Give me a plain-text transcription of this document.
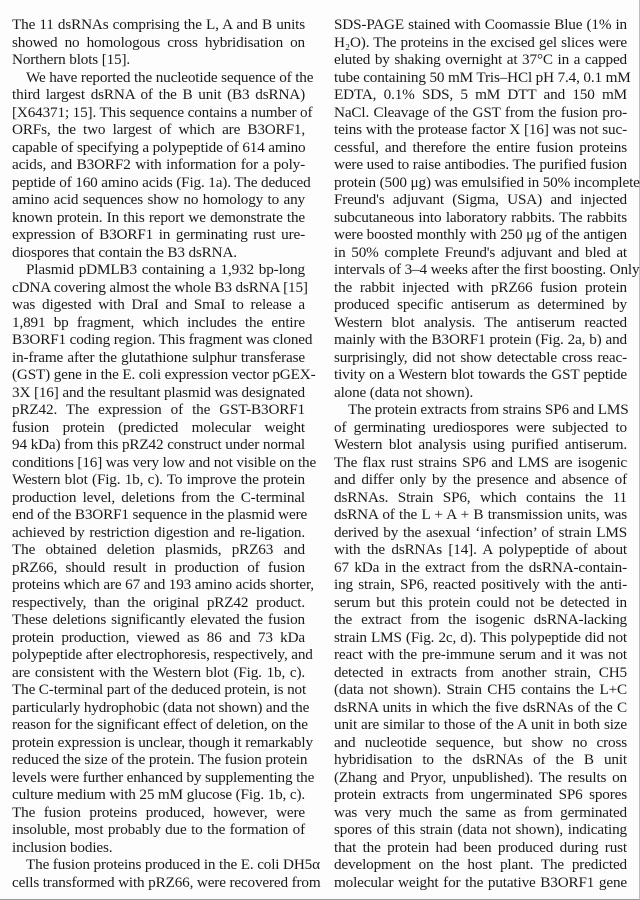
The 11 dsRNAs comprising the L, A and B units
showed no homologous cross hybridisation on
Northern blots [15].
We have reported the nucleotide sequence of the
third largest dsRNA of the B unit (B3 dsRNA)
[X64371; 15]. This sequence contains a number of
ORFs, the two largest of which are B3ORF1,
capable of specifying a polypeptide of 614 amino
acids, and B3ORF2 with information for a poly-
peptide of 160 amino acids (Fig. 1a). The deduced
amino acid sequences show no homology to any
known protein. In this report we demonstrate the
expression of B3ORF1 in germinating rust ure-
diospores that contain the B3 dsRNA.
Plasmid pDMLB3 containing a 1,932 bp-long
cDNA covering almost the whole B3 dsRNA [15]
was digested with DraI and SmaI to release a
1,891 bp fragment, which includes the entire
B3ORF1 coding region. This fragment was cloned
in-frame after the glutathione sulphur transferase
(GST) gene in the E. coli expression vector pGEX-
3X [16] and the resultant plasmid was designated
pRZ42. The expression of the GST-B3ORF1
fusion protein (predicted molecular weight
94 kDa) from this pRZ42 construct under normal
conditions [16] was very low and not visible on the
Western blot (Fig. 1b, c). To improve the protein
production level, deletions from the C-terminal
end of the B3ORF1 sequence in the plasmid were
achieved by restriction digestion and re-ligation.
The obtained deletion plasmids, pRZ63 and
pRZ66, should result in production of fusion
proteins which are 67 and 193 amino acids shorter,
respectively, than the original pRZ42 product.
These deletions significantly elevated the fusion
protein production, viewed as 86 and 73 kDa
polypeptide after electrophoresis, respectively, and
are consistent with the Western blot (Fig. 1b, c).
The C-terminal part of the deduced protein, is not
particularly hydrophobic (data not shown) and the
reason for the significant effect of deletion, on the
protein expression is unclear, though it remarkably
reduced the size of the protein. The fusion protein
levels were further enhanced by supplementing the
culture medium with 25 mM glucose (Fig. 1b, c).
The fusion proteins produced, however, were
insoluble, most probably due to the formation of
inclusion bodies.
The fusion proteins produced in the E. coli DH5α
cells transformed with pRZ66, were recovered from
SDS-PAGE stained with Coomassie Blue (1% in
H₂O). The proteins in the excised gel slices were
eluted by shaking overnight at 37°C in a capped
tube containing 50 mM Tris–HCl pH 7.4, 0.1 mM
EDTA, 0.1% SDS, 5 mM DTT and 150 mM
NaCl. Cleavage of the GST from the fusion pro-
teins with the protease factor X [16] was not suc-
cessful, and therefore the entire fusion proteins
were used to raise antibodies. The purified fusion
protein (500 μg) was emulsified in 50% incomplete
Freund's adjuvant (Sigma, USA) and injected
subcutaneous into laboratory rabbits. The rabbits
were boosted monthly with 250 μg of the antigen
in 50% complete Freund's adjuvant and bled at
intervals of 3–4 weeks after the first boosting. Only
the rabbit injected with pRZ66 fusion protein
produced specific antiserum as determined by
Western blot analysis. The antiserum reacted
mainly with the B3ORF1 protein (Fig. 2a, b) and
surprisingly, did not show detectable cross reac-
tivity on a Western blot towards the GST peptide
alone (data not shown).
The protein extracts from strains SP6 and LMS
of germinating urediospores were subjected to
Western blot analysis using purified antiserum.
The flax rust strains SP6 and LMS are isogenic
and differ only by the presence and absence of
dsRNAs. Strain SP6, which contains the 11
dsRNA of the L + A + B transmission units, was
derived by the asexual ‘infection’ of strain LMS
with the dsRNAs [14]. A polypeptide of about
67 kDa in the extract from the dsRNA-contain-
ing strain, SP6, reacted positively with the anti-
serum but this protein could not be detected in
the extract from the isogenic dsRNA-lacking
strain LMS (Fig. 2c, d). This polypeptide did not
react with the pre-immune serum and it was not
detected in extracts from another strain, CH5
(data not shown). Strain CH5 contains the L+C
dsRNA units in which the five dsRNAs of the C
unit are similar to those of the A unit in both size
and nucleotide sequence, but show no cross
hybridisation to the dsRNAs of the B unit
(Zhang and Pryor, unpublished). The results on
protein extracts from ungerminated SP6 spores
was very much the same as from germinated
spores of this strain (data not shown), indicating
that the protein had been produced during rust
development on the host plant. The predicted
molecular weight for the putative B3ORF1 gene
